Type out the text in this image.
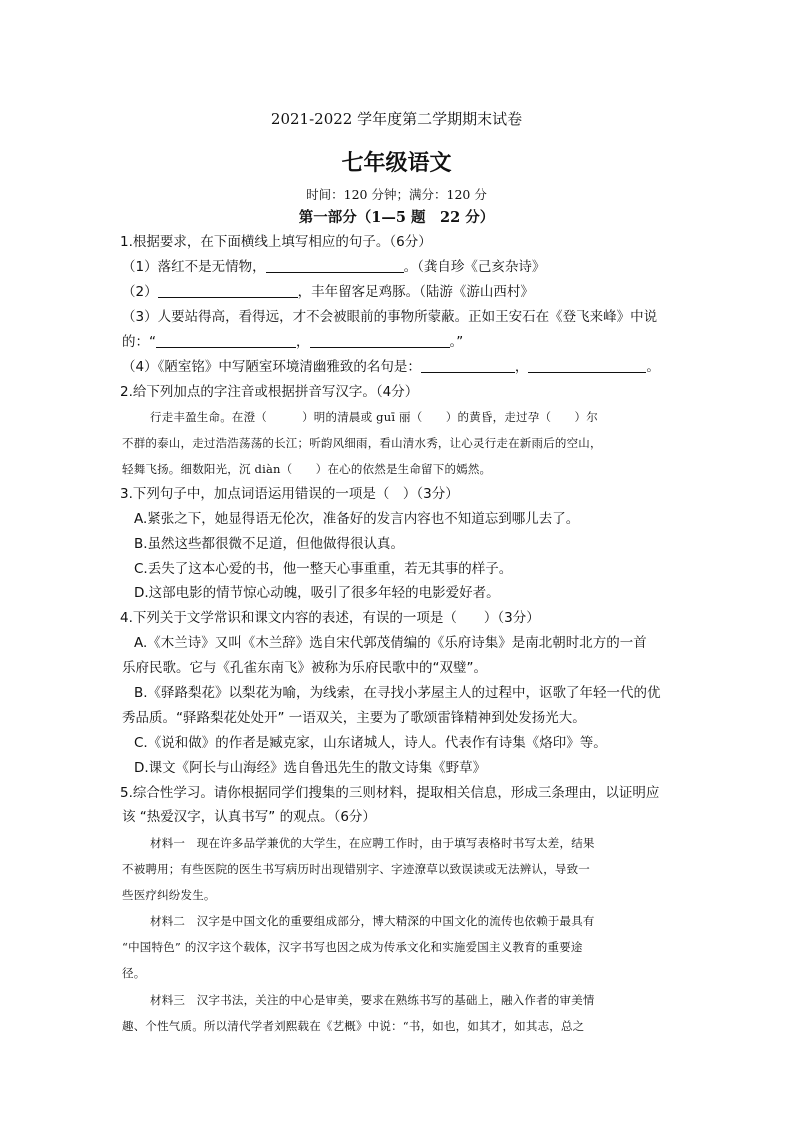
2021-2022 学年度第二学期期末试卷
七年级语文
时间：120 分钟；满分：120 分
第一部分（1—5 题　22 分）
1.根据要求，在下面横线上填写相应的句子。（6分）
（1）落红不是无情物，	。（龚自珍《己亥杂诗》
（2）	，丰年留客足鸡豚。（陆游《游山西村》
（3）人要站得高，看得远，才不会被眼前的事物所蒙蔽。正如王安石在《登飞来峰》中说
的：“	，	。”
（4）《陋室铭》中写陋室环境清幽雅致的名句是：	，	。
2.给下列加点的字注音或根据拼音写汉字。（4分）
行走丰盈生命。在澄（　　　）明的清晨或 guī 丽（　　）的黄昏，走过孕（　　）尔
不群的泰山，走过浩浩荡荡的长江；听韵风细雨，看山清水秀，让心灵行走在新雨后的空山，
轻舞飞扬。细数阳光，沉 diàn（　　）在心的依然是生命留下的嫣然。
3.下列句子中，加点词语运用错误的一项是（　）（3分）
A.紧张之下，她显得语无伦次，准备好的发言内容也不知道忘到哪儿去了。
B.虽然这些都很微不足道，但他做得很认真。
C.丢失了这本心爱的书，他一整天心事重重，若无其事的样子。
D.这部电影的情节惊心动魄，吸引了很多年轻的电影爱好者。
4.下列关于文学常识和课文内容的表述，有误的一项是（　　）（3分）
A.《木兰诗》又叫《木兰辞》选自宋代郭茂倩编的《乐府诗集》是南北朝时北方的一首
乐府民歌。它与《孔雀东南飞》被称为乐府民歌中的“双璧”。
B.《驿路梨花》以梨花为喻，为线索，在寻找小茅屋主人的过程中，讴歌了年轻一代的优
秀品质。“驿路梨花处处开” 一语双关，主要为了歌颂雷锋精神到处发扬光大。
C.《说和做》的作者是臧克家，山东诸城人，诗人。代表作有诗集《烙印》等。
D.课文《阿长与山海经》选自鲁迅先生的散文诗集《野草》
5.综合性学习。请你根据同学们搜集的三则材料，提取相关信息，形成三条理由，以证明应
该 “热爱汉字，认真书写” 的观点。（6分）
材料一　现在许多品学兼优的大学生，在应聘工作时，由于填写表格时书写太差，结果
不被聘用；有些医院的医生书写病历时出现错别字、字迹潦草以致误读或无法辨认，导致一
些医疗纠纷发生。
材料二　汉字是中国文化的重要组成部分，博大精深的中国文化的流传也依赖于最具有
“中国特色” 的汉字这个载体，汉字书写也因之成为传承文化和实施爱国主义教育的重要途
径。
材料三　汉字书法，关注的中心是审美，要求在熟练书写的基础上，融入作者的审美情
趣、个性气质。所以清代学者刘熙载在《艺概》中说：“书，如也，如其才，如其志，总之
